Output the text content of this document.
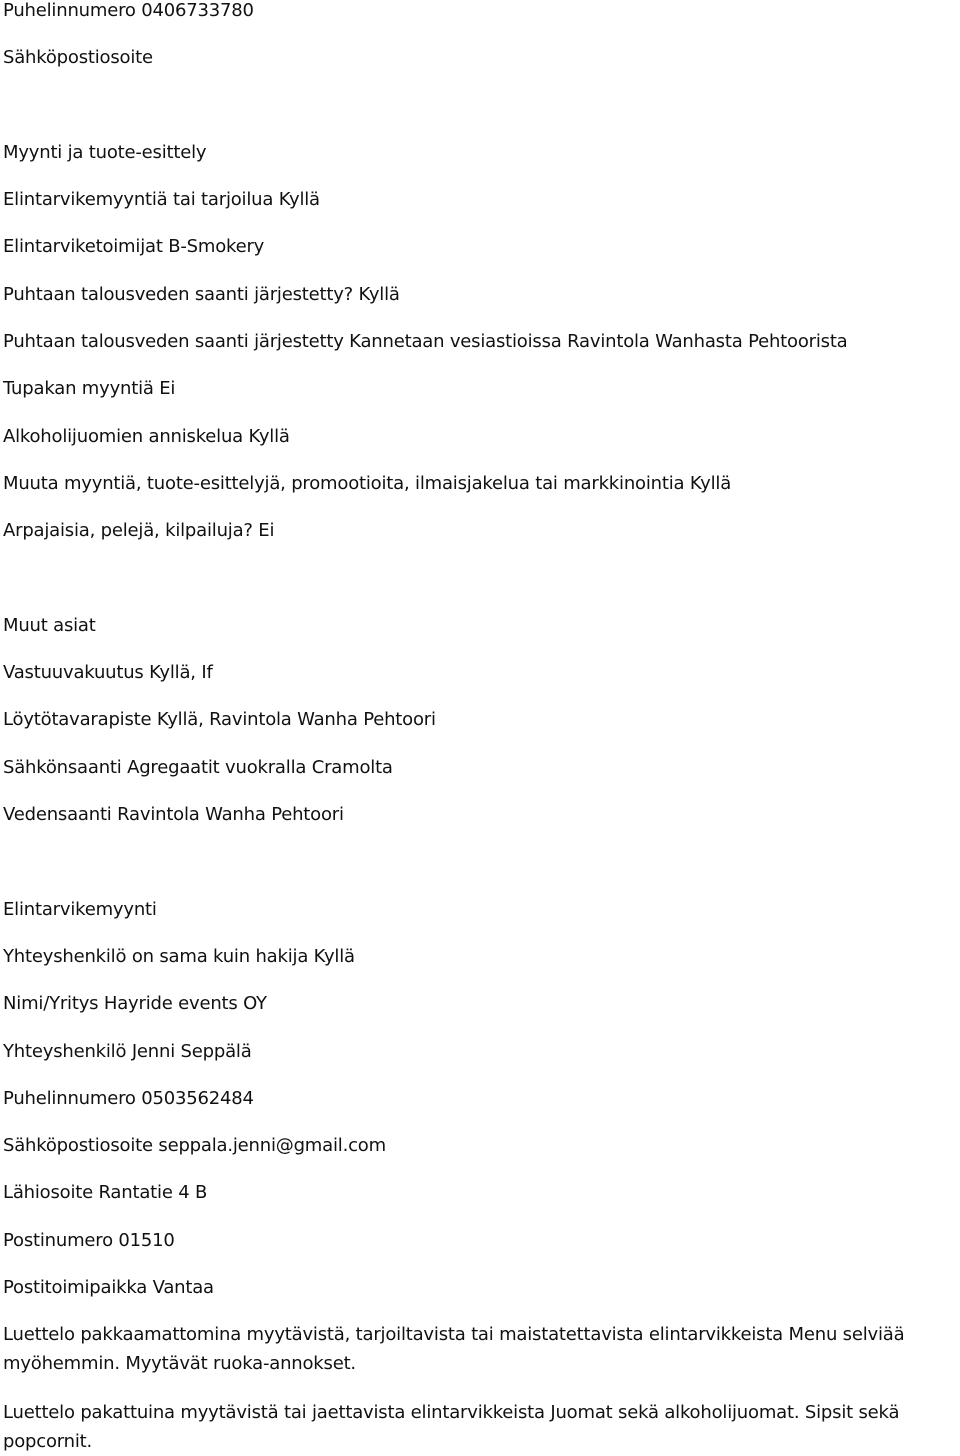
Puhelinnumero 0406733780
Sähköpostiosoite
Myynti ja tuote-esittely
Elintarvikemyyntiä tai tarjoilua Kyllä
Elintarviketoimijat B-Smokery
Puhtaan talousveden saanti järjestetty? Kyllä
Puhtaan talousveden saanti järjestetty Kannetaan vesiastioissa Ravintola Wanhasta Pehtoorista
Tupakan myyntiä Ei
Alkoholijuomien anniskelua Kyllä
Muuta myyntiä, tuote-esittelyjä, promootioita, ilmaisjakelua tai markkinointia Kyllä
Arpajaisia, pelejä, kilpailuja? Ei
Muut asiat
Vastuuvakuutus Kyllä, If
Löytötavarapiste Kyllä, Ravintola Wanha Pehtoori
Sähkönsaanti Agregaatit vuokralla Cramolta
Vedensaanti Ravintola Wanha Pehtoori
Elintarvikemyynti
Yhteyshenkilö on sama kuin hakija Kyllä
Nimi/Yritys Hayride events OY
Yhteyshenkilö Jenni Seppälä
Puhelinnumero 0503562484
Sähköpostiosoite seppala.jenni@gmail.com
Lähiosoite Rantatie 4 B
Postinumero 01510
Postitoimipaikka Vantaa
Luettelo pakkaamattomina myytävistä, tarjoiltavista tai maistatettavista elintarvikkeista Menu selviää myöhemmin. Myytävät ruoka-annokset.
Luettelo pakattuina myytävistä tai jaettavista elintarvikkeista Juomat sekä alkoholijuomat. Sipsit sekä popcornit.
